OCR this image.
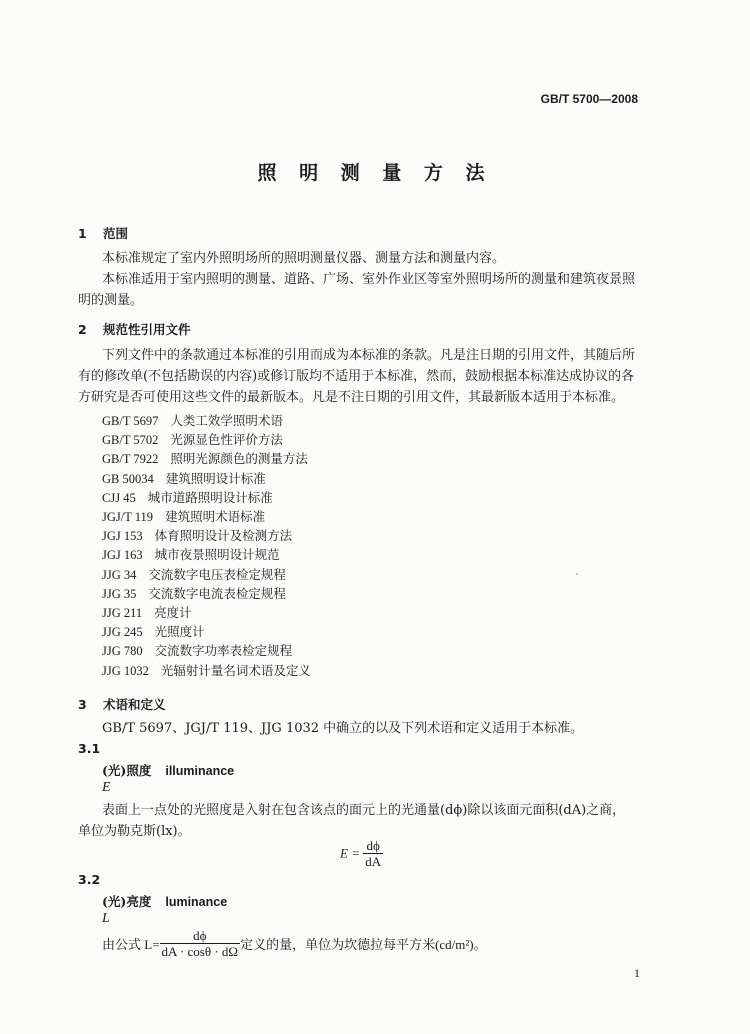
GB/T 5700—2008
照 明 测 量 方 法
1 范围
本标准规定了室内外照明场所的照明测量仪器、测量方法和测量内容。
本标准适用于室内照明的测量、道路、广场、室外作业区等室外照明场所的测量和建筑夜景照明的测量。
2 规范性引用文件
下列文件中的条款通过本标准的引用而成为本标准的条款。凡是注日期的引用文件，其随后所有的修改单(不包括勘误的内容)或修订版均不适用于本标准，然而，鼓励根据本标准达成协议的各方研究是否可使用这些文件的最新版本。凡是不注日期的引用文件，其最新版本适用于本标准。
GB/T 5697 人类工效学照明术语
GB/T 5702 光源显色性评价方法
GB/T 7922 照明光源颜色的测量方法
GB 50034 建筑照明设计标准
CJJ 45 城市道路照明设计标准
JGJ/T 119 建筑照明术语标准
JGJ 153 体育照明设计及检测方法
JGJ 163 城市夜景照明设计规范
JJG 34 交流数字电压表检定规程
JJG 35 交流数字电流表检定规程
JJG 211 亮度计
JJG 245 光照度计
JJG 780 交流数字功率表检定规程
JJG 1032 光辐射计量名词术语及定义
3 术语和定义
GB/T 5697、JGJ/T 119、JJG 1032 中确立的以及下列术语和定义适用于本标准。
3.1
(光)照度 illuminance
E
表面上一点处的光照度是入射在包含该点的面元上的光通量(dϕ)除以该面元面积(dA)之商，单位为勒克斯(lx)。
$E = \frac{d\phi}{dA}$
3.2
(光)亮度 luminance
L
由公式 $L= \frac{d\phi}{dA \cdot \cos\theta \cdot d\Omega}$ 定义的量，单位为坎德拉每平方米(cd/m²)。
1
